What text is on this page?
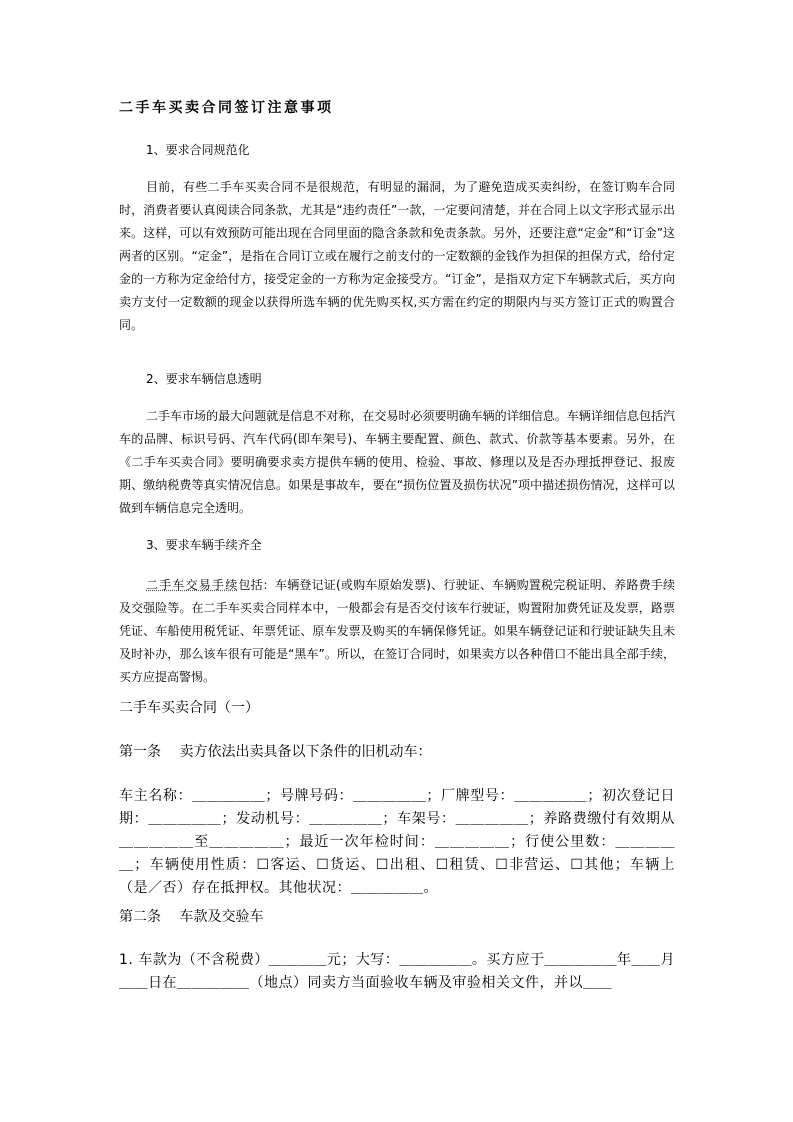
二手车买卖合同签订注意事项
1、要求合同规范化

目前，有些二手车买卖合同不是很规范，有明显的漏洞，为了避免造成买卖纠纷，在签订购车合同时，消费者要认真阅读合同条款，尤其是“违约责任”一款，一定要问清楚，并在合同上以文字形式显示出来。这样，可以有效预防可能出现在合同里面的隐含条款和免责条款。另外，还要注意“定金”和“订金”这两者的区别。“定金”，是指在合同订立或在履行之前支付的一定数额的金钱作为担保的担保方式，给付定金的一方称为定金给付方，接受定金的一方称为定金接受方。“订金”，是指双方定下车辆款式后，买方向卖方支付一定数额的现金以获得所选车辆的优先购买权,买方需在约定的期限内与买方签订正式的购置合同。

2、要求车辆信息透明

二手车市场的最大问题就是信息不对称，在交易时必须要明确车辆的详细信息。车辆详细信息包括汽车的品牌、标识号码、汽车代码(即车架号)、车辆主要配置、颜色、款式、价款等基本要素。另外，在《二手车买卖合同》要明确要求卖方提供车辆的使用、检验、事故、修理以及是否办理抵押登记、报废期、缴纳税费等真实情况信息。如果是事故车，要在“损伤位置及损伤状况”项中描述损伤情况，这样可以做到车辆信息完全透明。

3、要求车辆手续齐全

二手车交易手续包括：车辆登记证(或购车原始发票)、行驶证、车辆购置税完税证明、养路费手续及交强险等。在二手车买卖合同样本中，一般都会有是否交付该车行驶证，购置附加费凭证及发票，路票凭证、车船使用税凭证、年票凭证、原车发票及购买的车辆保修凭证。如果车辆登记证和行驶证缺失且未及时补办，那么该车很有可能是“黑车”。所以，在签订合同时，如果卖方以各种借口不能出具全部手续，买方应提高警惕。

二手车买卖合同（一）
第一条　 卖方依法出卖具备以下条件的旧机动车：

车主名称：＿＿＿＿＿；号牌号码：＿＿＿＿＿；厂牌型号：＿＿＿＿＿；初次登记日期：＿＿＿＿＿；发动机号：＿＿＿＿＿；车架号：＿＿＿＿＿；养路费缴付有效期从＿＿＿＿＿至＿＿＿＿＿；最近一次年检时间：＿＿＿＿＿；行使公里数：＿＿＿＿＿；车辆使用性质：☐客运、☐货运、☐出租、☐租赁、☐非营运、☐其他；车辆上（是／否）存在抵押权。其他状况：＿＿＿＿＿。

第二条　 车款及交验车

1. 车款为（不含税费）＿＿＿＿元；大写：＿＿＿＿＿。买方应于＿＿＿＿＿年＿＿月＿＿日在＿＿＿＿＿（地点）同卖方当面验收车辆及审验相关文件，并以＿＿
